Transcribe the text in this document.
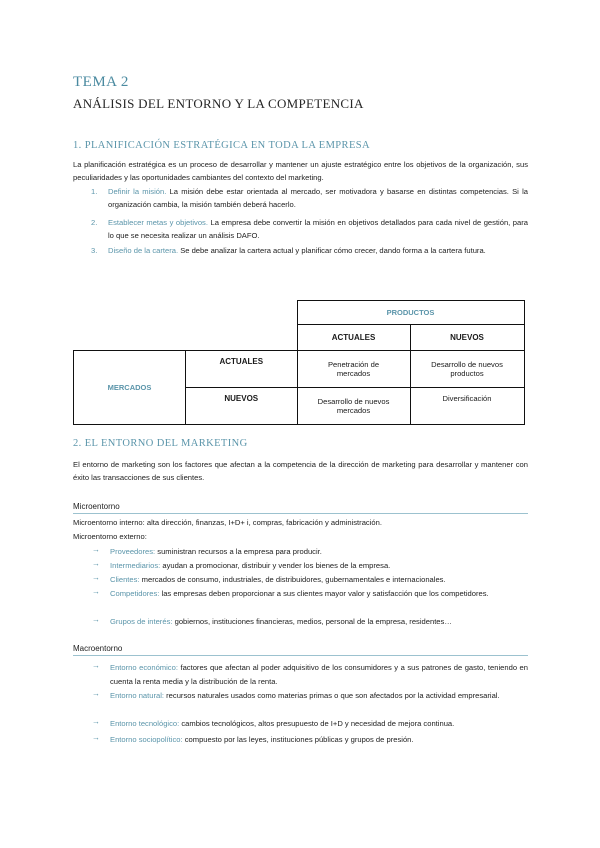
TEMA 2
ANÁLISIS DEL ENTORNO Y LA COMPETENCIA
1. PLANIFICACIÓN ESTRATÉGICA EN TODA LA EMPRESA
La planificación estratégica es un proceso de desarrollar y mantener un ajuste estratégico entre los objetivos de la organización, sus peculiaridades y las oportunidades cambiantes del contexto del marketing.
1. Definir la misión. La misión debe estar orientada al mercado, ser motivadora y basarse en distintas competencias. Si la organización cambia, la misión también deberá hacerlo.
2. Establecer metas y objetivos. La empresa debe convertir la misión en objetivos detallados para cada nivel de gestión, para lo que se necesita realizar un análisis DAFO.
3. Diseño de la cartera. Se debe analizar la cartera actual y planificar cómo crecer, dando forma a la cartera futura.
		PRODUCTOS	
		ACTUALES	NUEVOS
MERCADOS	ACTUALES	Penetración de mercados	Desarrollo de nuevos productos
	NUEVOS	Desarrollo de nuevos mercados	Diversificación
2. EL ENTORNO DEL MARKETING
El entorno de marketing son los factores que afectan a la competencia de la dirección de marketing para desarrollar y mantener con éxito las transacciones de sus clientes.
Microentorno
Microentorno interno: alta dirección, finanzas, I+D+ i, compras, fabricación y administración.
Microentorno externo:
→ Proveedores: suministran recursos a la empresa para producir.
→ Intermediarios: ayudan a promocionar, distribuir y vender los bienes de la empresa.
→ Clientes: mercados de consumo, industriales, de distribuidores, gubernamentales e internacionales.
→ Competidores: las empresas deben proporcionar a sus clientes mayor valor y satisfacción que los competidores.
→ Grupos de interés: gobiernos, instituciones financieras, medios, personal de la empresa, residentes…
Macroentorno
→ Entorno económico: factores que afectan al poder adquisitivo de los consumidores y a sus patrones de gasto, teniendo en cuenta la renta media y la distribución de la renta.
→ Entorno natural: recursos naturales usados como materias primas o que son afectados por la actividad empresarial.
→ Entorno tecnológico: cambios tecnológicos, altos presupuesto de I+D y necesidad de mejora continua.
→ Entorno sociopolítico: compuesto por las leyes, instituciones públicas y grupos de presión.
